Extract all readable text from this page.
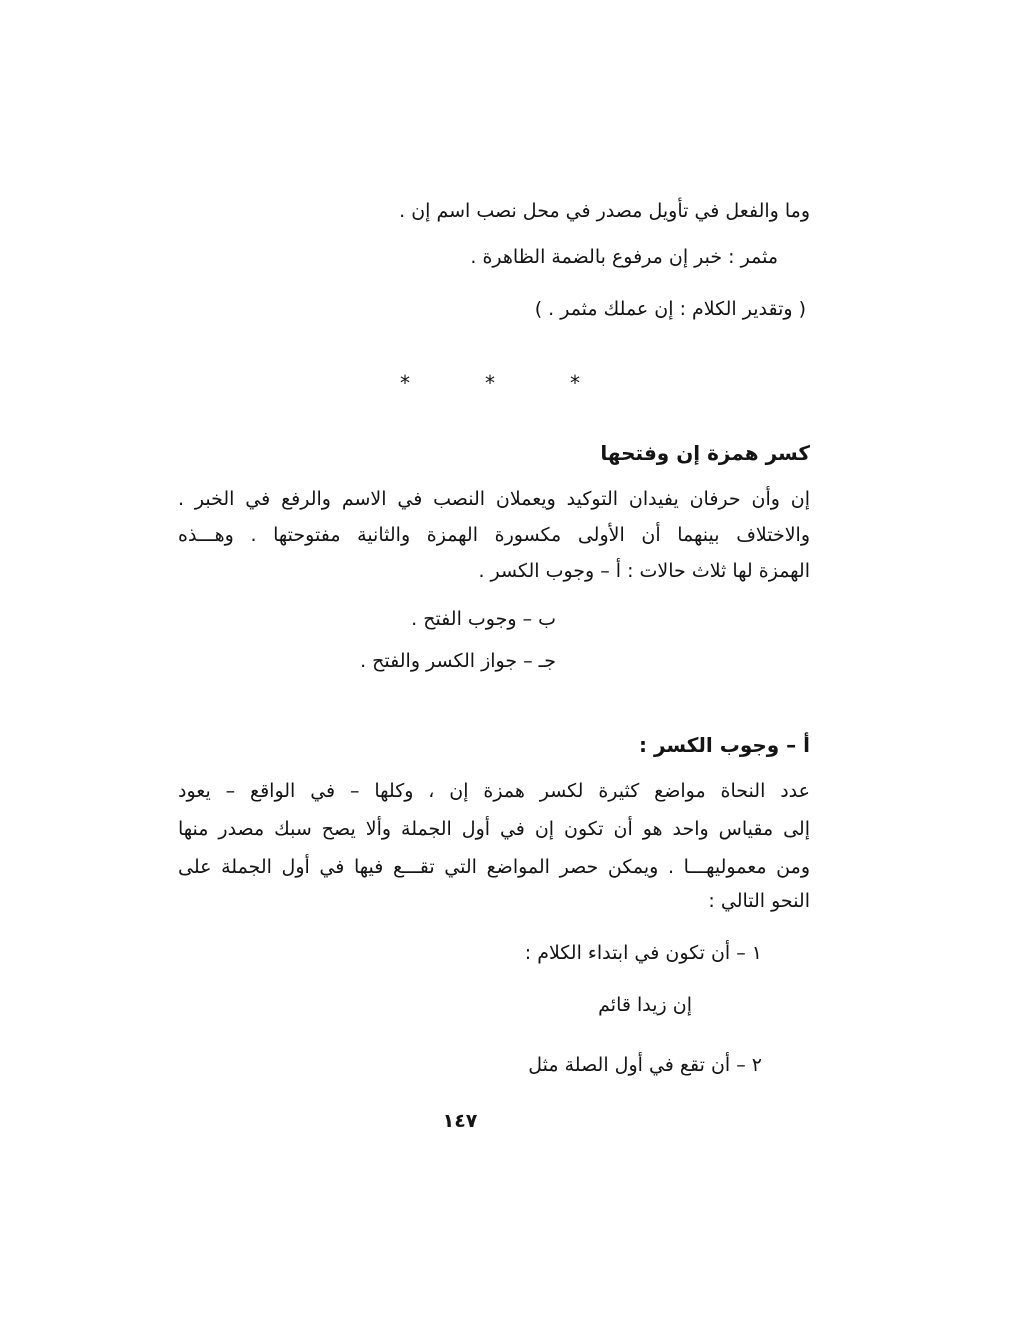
وما والفعل في تأويل مصدر في محل نصب اسم إن .
مثمر : خبر إن مرفوع بالضمة الظاهرة .
( وتقدير الكلام : إن عملك مثمر . )
*	*	*
كسر همزة إن وفتحها
إن وأن حرفان يفيدان التوكيد ويعملان النصب في الاسم والرفع في الخبر .
والاختلاف بينهما أن الأولى مكسورة الهمزة والثانية مفتوحتها . وهـــذه
الهمزة لها ثلاث حالات : أ – وجوب الكسر .
ب – وجوب الفتح .
جـ – جواز الكسر والفتح .
أ – وجوب الكسر :
عدد النحاة مواضع كثيرة لكسر همزة إن ، وكلها – في الواقع – يعود
إلى مقياس واحد هو أن تكون إن في أول الجملة وألا يصح سبك مصدر منها
ومن معموليهـــا . ويمكن حصر المواضع التي تقـــع فيها في أول الجملة على
النحو التالي :
١ – أن تكون في ابتداء الكلام :
إن زيدا قائم
٢ – أن تقع في أول الصلة مثل
١٤٧
